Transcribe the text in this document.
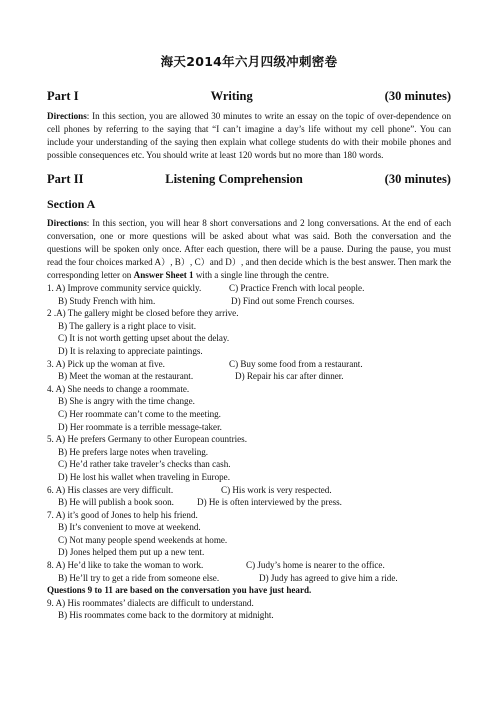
海天2014年六月四级冲刺密卷
Part I	Writing	(30 minutes)

Directions: In this section, you are allowed 30 minutes to write an essay on the topic of over-dependence on cell phones by referring to the saying that “I can’t imagine a day’s life without my cell phone”. You can include your understanding of the saying then explain what college students do with their mobile phones and possible consequences etc. You should write at least 120 words but no more than 180 words.

Part II	Listening Comprehension	(30 minutes)
Section A

Directions: In this section, you will hear 8 short conversations and 2 long conversations. At the end of each conversation, one or more questions will be asked about what was said. Both the conversation and the questions will be spoken only once. After each question, there will be a pause. During the pause, you must read the four choices marked A）, B）, C）and D）, and then decide which is the best answer. Then mark the corresponding letter on Answer Sheet 1 with a single line through the centre.

1. A) Improve community service quickly.	C) Practice French with local people.

B) Study French with him.	D) Find out some French courses.

2 .A) The gallery might be closed before they arrive.

B) The gallery is a right place to visit.

C) It is not worth getting upset about the delay.

D) It is relaxing to appreciate paintings.

3. A) Pick up the woman at five.	C) Buy some food from a restaurant.

B) Meet the woman at the restaurant.	D) Repair his car after dinner.

4. A) She needs to change a roommate.

B) She is angry with the time change.

C) Her roommate can’t come to the meeting.

D) Her roommate is a terrible message-taker.

5. A) He prefers Germany to other European countries.

B) He prefers large notes when traveling.

C) He’d rather take traveler’s checks than cash.

D) He lost his wallet when traveling in Europe.

6. A) His classes are very difficult.	C) His work is very respected.

B) He will publish a book soon.	D) He is often interviewed by the press.

7. A) it’s good of Jones to help his friend.

B) It’s convenient to move at weekend.

C) Not many people spend weekends at home.

D) Jones helped them put up a new tent.

8. A) He’d like to take the woman to work.	C) Judy’s home is nearer to the office.

B) He’ll try to get a ride from someone else.	D) Judy has agreed to give him a ride.

Questions 9 to 11 are based on the conversation you have just heard.

9. A) His roommates’ dialects are difficult to understand.

B) His roommates come back to the dormitory at midnight.
